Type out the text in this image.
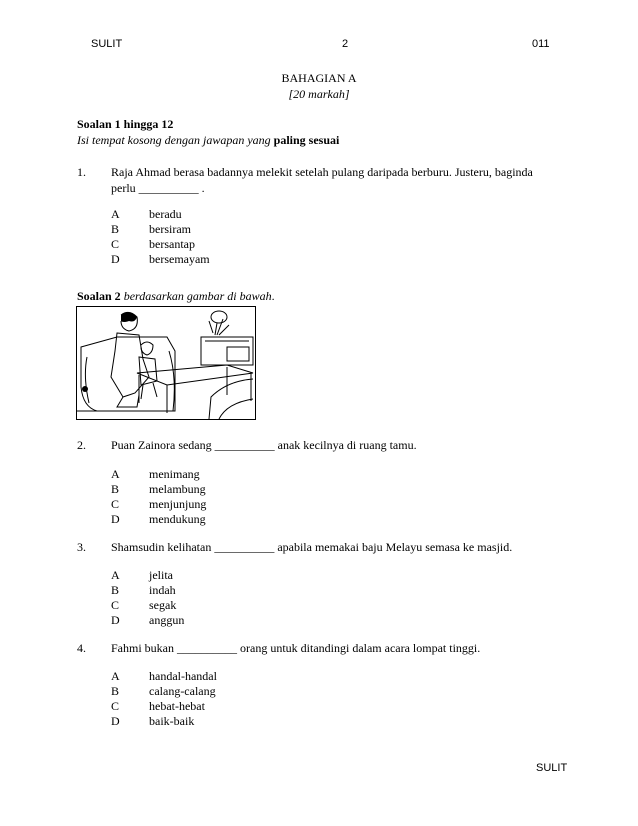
SULIT	2	011
BAHAGIAN A
[20 markah]
Soalan 1 hingga 12
Isi tempat kosong dengan jawapan yang paling sesuai
1. Raja Ahmad berasa badannya melekit setelah pulang daripada berburu. Justeru, baginda
perlu __________ .
A beradu
B bersiram
C bersantap
D bersemayam
Soalan 2 berdasarkan gambar di bawah.
2. Puan Zainora sedang __________ anak kecilnya di ruang tamu.
A menimang
B melambung
C menjunjung
D mendukung
3. Shamsudin kelihatan __________ apabila memakai baju Melayu semasa ke masjid.
A jelita
B indah
C segak
D anggun
4. Fahmi bukan __________ orang untuk ditandingi dalam acara lompat tinggi.
A handal-handal
B calang-calang
C hebat-hebat
D baik-baik
SULIT
